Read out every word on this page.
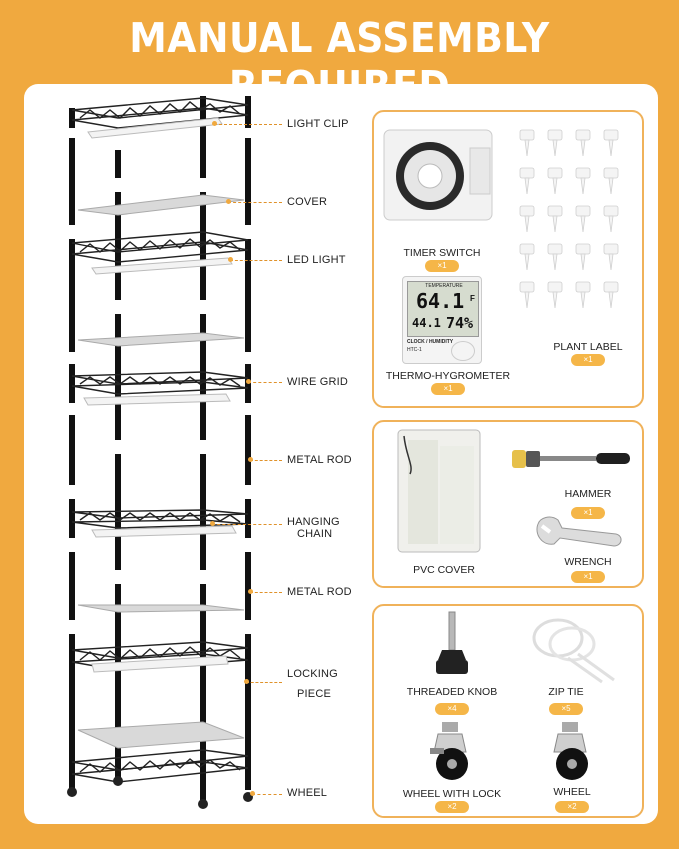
MANUAL ASSEMBLY
LIGHT CLIP
COVER
LED LIGHT
WIRE GRID
METAL ROD
HANGING
CHAIN
METAL ROD
LOCKING
PIECE
WHEEL
TIMER SWITCH
×1
PLANT LABEL
×1
TEMPERATURE
64.1 F
44.1 74%
CLOCK / HUMIDITY
HTC-1
THERMO-HYGROMETER
×1
PVC COVER
HAMMER
×1
WRENCH
×1
THREADED KNOB
×4
ZIP TIE
×5
WHEEL WITH LOCK
×2
WHEEL
×2
